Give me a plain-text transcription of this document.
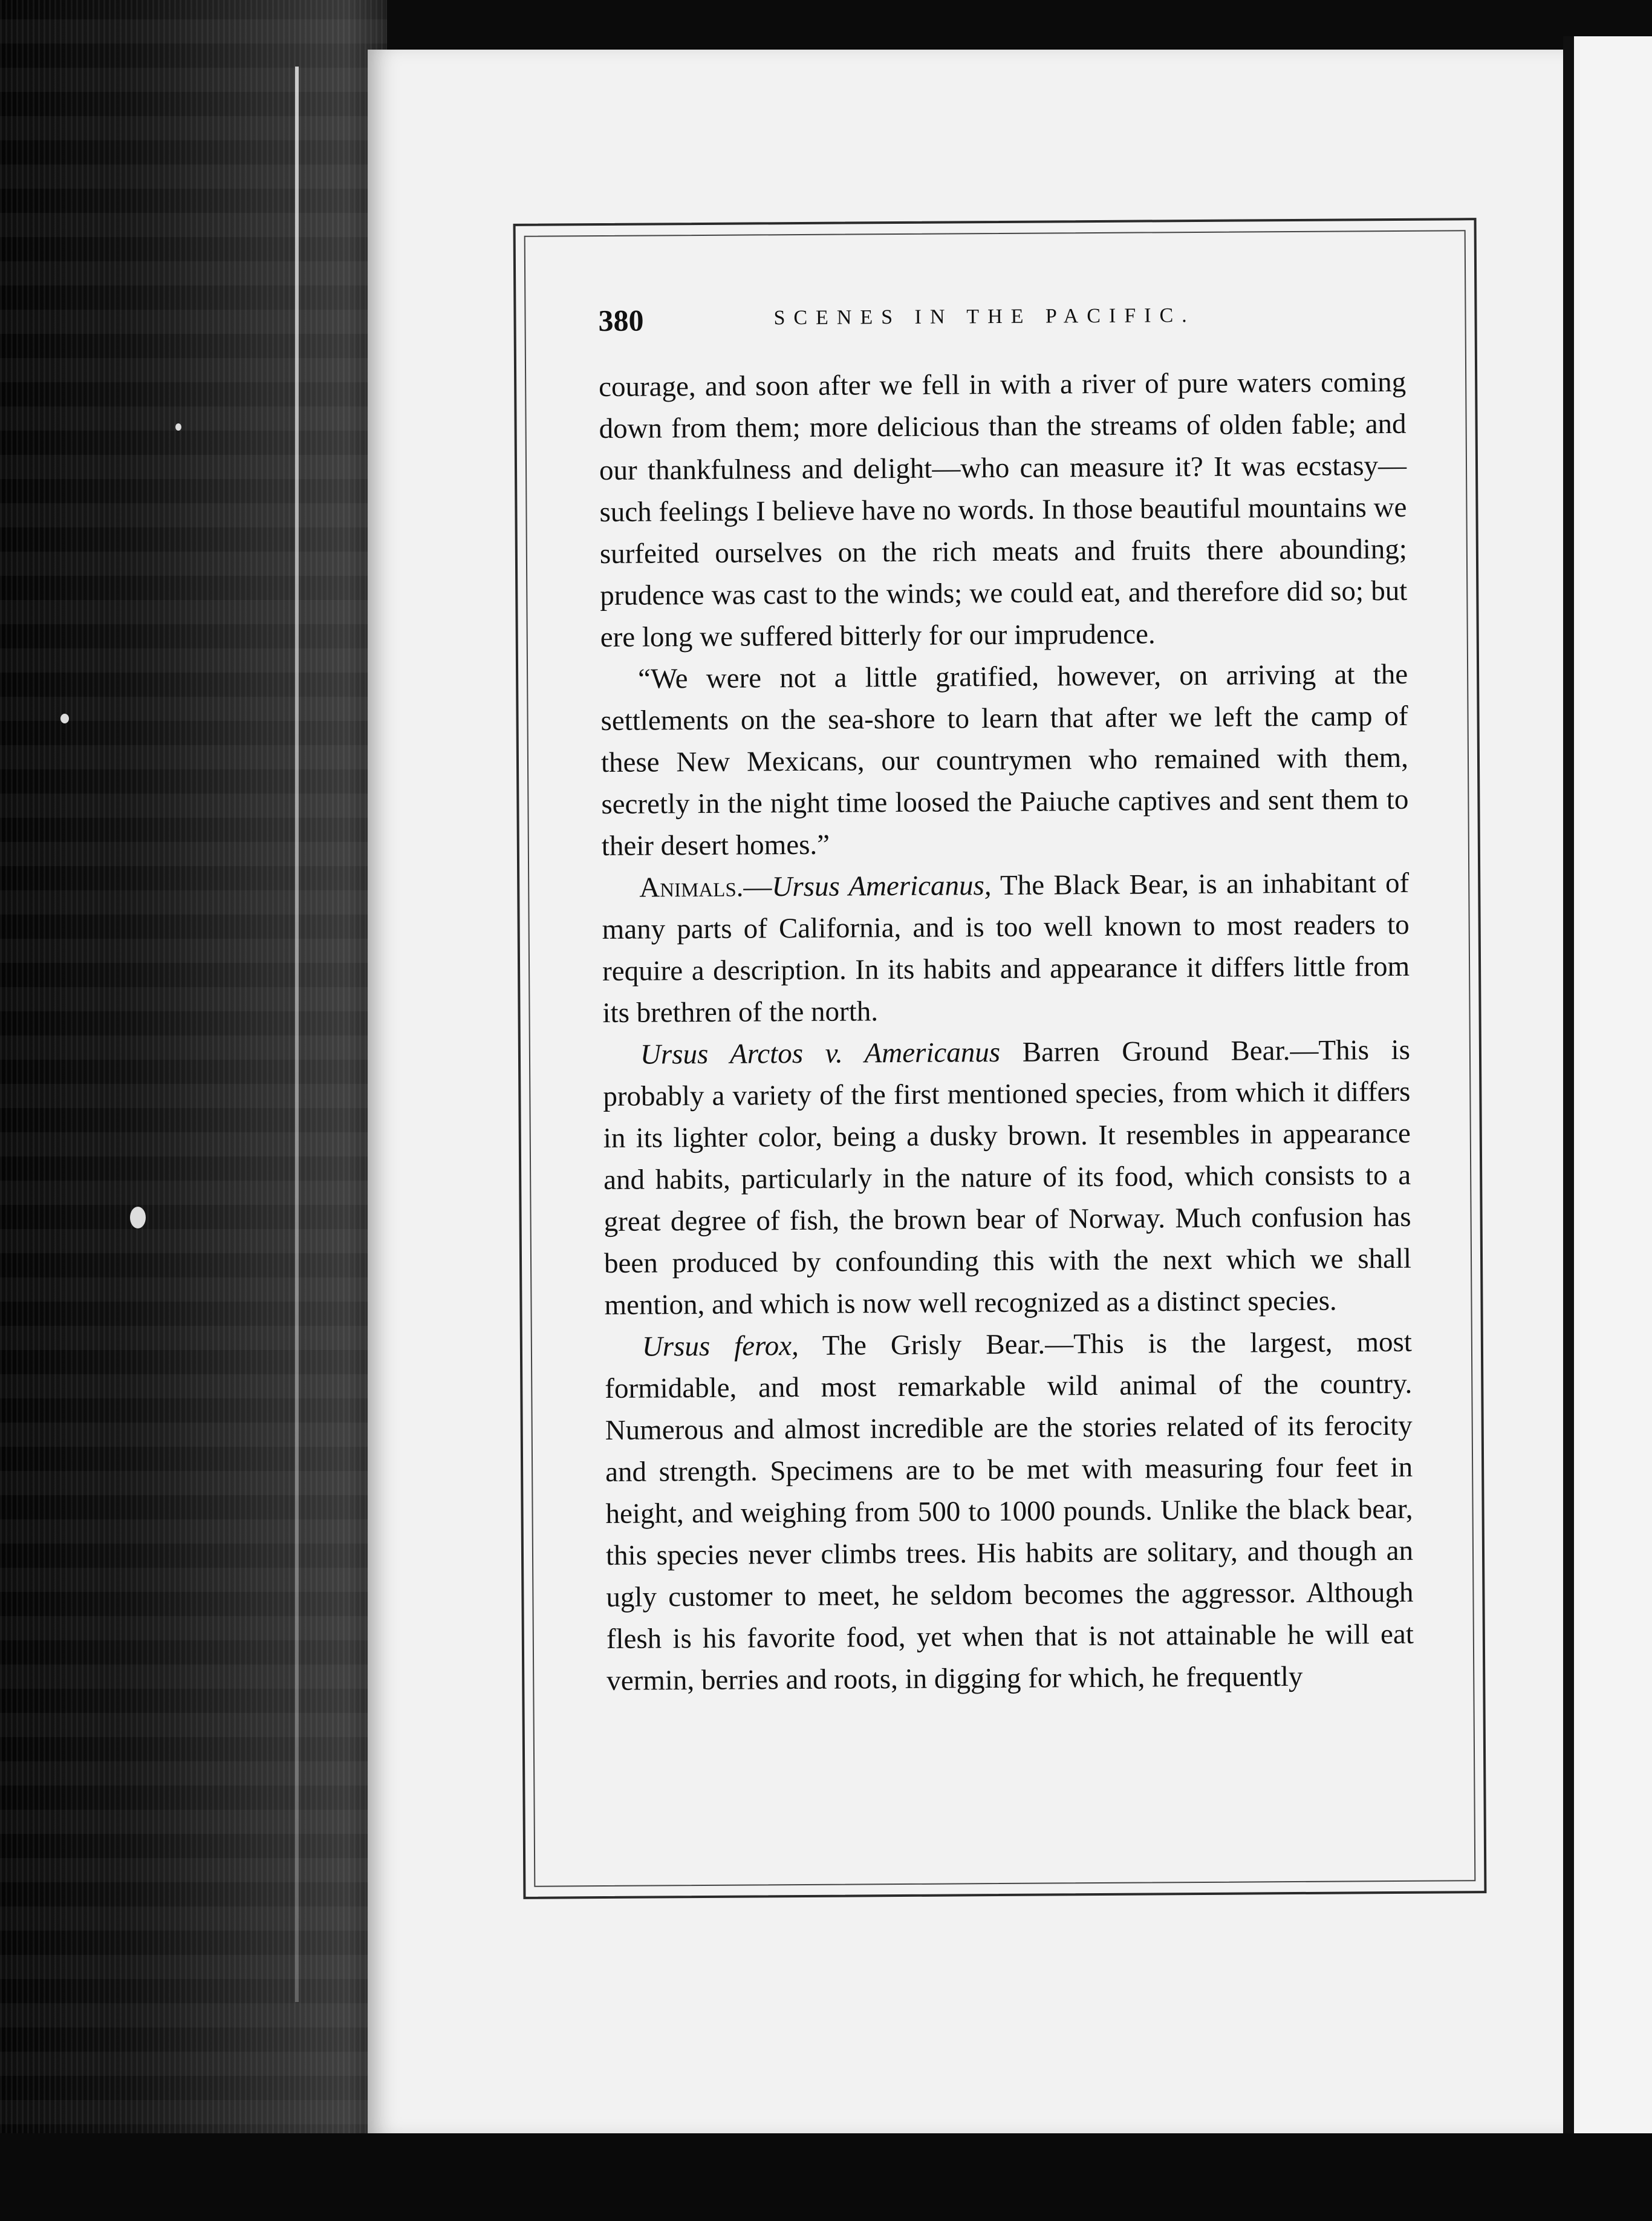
380	SCENES IN THE PACIFIC.

courage, and soon after we fell in with a river of pure waters coming down from them; more delicious than the streams of olden fable; and our thankfulness and delight—who can measure it? It was ecstasy—such feelings I believe have no words. In those beautiful mountains we surfeited ourselves on the rich meats and fruits there abounding; prudence was cast to the winds; we could eat, and therefore did so; but ere long we suffered bitterly for our imprudence.

“We were not a little gratified, however, on arriving at the settlements on the sea-shore to learn that after we left the camp of these New Mexicans, our countrymen who remained with them, secretly in the night time loosed the Paiuche captives and sent them to their desert homes.”

Animals.—Ursus Americanus, The Black Bear, is an inhabitant of many parts of California, and is too well known to most readers to require a description. In its habits and appearance it differs little from its brethren of the north.

Ursus Arctos v. Americanus Barren Ground Bear.—This is probably a variety of the first mentioned species, from which it differs in its lighter color, being a dusky brown. It resembles in appearance and habits, particularly in the nature of its food, which consists to a great degree of fish, the brown bear of Norway. Much confusion has been produced by confounding this with the next which we shall mention, and which is now well recognized as a distinct species.

Ursus ferox, The Grisly Bear.—This is the largest, most formidable, and most remarkable wild animal of the country. Numerous and almost incredible are the stories related of its ferocity and strength. Specimens are to be met with measuring four feet in height, and weighing from 500 to 1000 pounds. Unlike the black bear, this species never climbs trees. His habits are solitary, and though an ugly customer to meet, he seldom becomes the aggressor. Although flesh is his favorite food, yet when that is not attainable he will eat vermin, berries and roots, in digging for which, he frequently
